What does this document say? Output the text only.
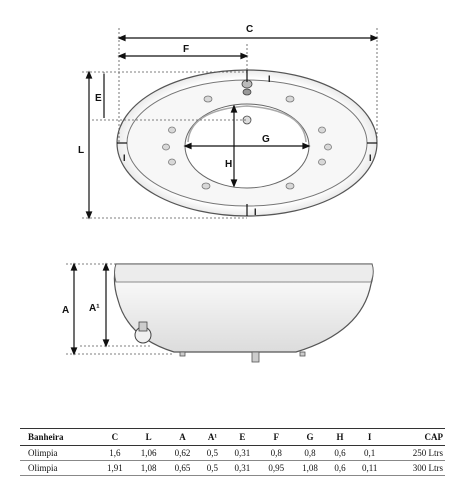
C
F
E
L
I
I
I	I
G
H
A A¹
Banheira	C	L	A	A¹	E	F	G	H	I	CAP
Olimpia	1,6	1,06	0,62	0,5	0,31	0,8	0,8	0,6	0,1	250 Ltrs
Olimpia	1,91	1,08	0,65	0,5	0,31	0,95	1,08	0,6	0,11	300 Ltrs
